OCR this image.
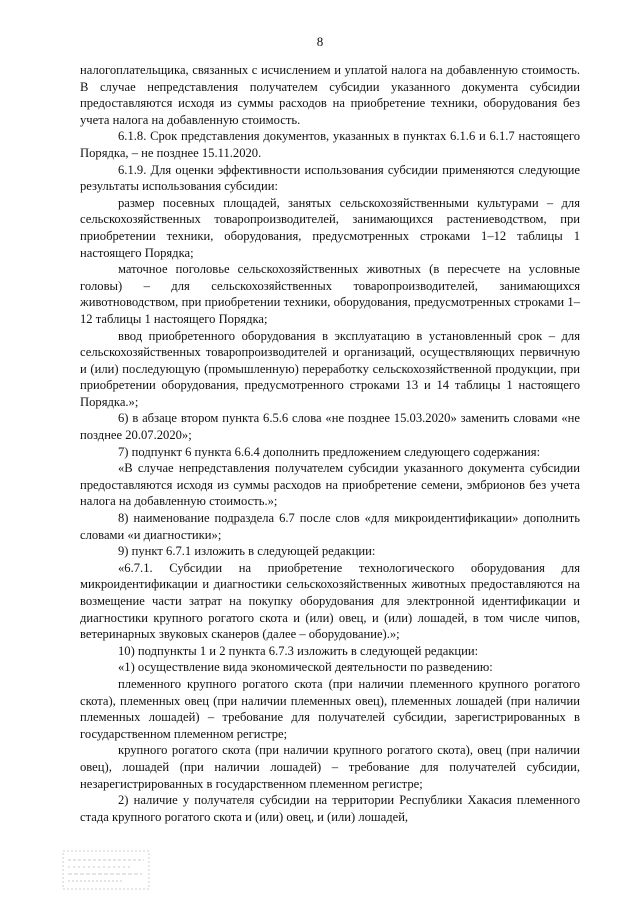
8

налогоплательщика, связанных с исчислением и уплатой налога на добавленную стоимость. В случае непредставления получателем субсидии указанного документа субсидии предоставляются исходя из суммы расходов на приобретение техники, оборудования без учета налога на добавленную стоимость.

6.1.8. Срок представления документов, указанных в пунктах 6.1.6 и 6.1.7 настоящего Порядка, – не позднее 15.11.2020.

6.1.9. Для оценки эффективности использования субсидии применяются следующие результаты использования субсидии:

размер посевных площадей, занятых сельскохозяйственными культурами – для сельскохозяйственных товаропроизводителей, занимающихся растениеводством, при приобретении техники, оборудования, предусмотренных строками 1–12 таблицы 1 настоящего Порядка;

маточное поголовье сельскохозяйственных животных (в пересчете на условные головы) – для сельскохозяйственных товаропроизводителей, занимающихся животноводством, при приобретении техники, оборудования, предусмотренных строками 1–12 таблицы 1 настоящего Порядка;

ввод приобретенного оборудования в эксплуатацию в установленный срок – для сельскохозяйственных товаропроизводителей и организаций, осуществляющих первичную и (или) последующую (промышленную) переработку сельскохозяйственной продукции, при приобретении оборудования, предусмотренного строками 13 и 14 таблицы 1 настоящего Порядка.»;

6) в абзаце втором пункта 6.5.6 слова «не позднее 15.03.2020» заменить словами «не позднее 20.07.2020»;

7) подпункт 6 пункта 6.6.4 дополнить предложением следующего содержания:

«В случае непредставления получателем субсидии указанного документа субсидии предоставляются исходя из суммы расходов на приобретение семени, эмбрионов без учета налога на добавленную стоимость.»;

8) наименование подраздела 6.7 после слов «для микроидентификации» дополнить словами «и диагностики»;

9) пункт 6.7.1 изложить в следующей редакции:

«6.7.1. Субсидии на приобретение технологического оборудования для микроидентификации и диагностики сельскохозяйственных животных предоставляются на возмещение части затрат на покупку оборудования для электронной идентификации и диагностики крупного рогатого скота и (или) овец, и (или) лошадей, в том числе чипов, ветеринарных звуковых сканеров (далее – оборудование).»;

10) подпункты 1 и 2 пункта 6.7.3 изложить в следующей редакции:

«1) осуществление вида экономической деятельности по разведению:

племенного крупного рогатого скота (при наличии племенного крупного рогатого скота), племенных овец (при наличии племенных овец), племенных лошадей (при наличии племенных лошадей) – требование для получателей субсидии, зарегистрированных в государственном племенном регистре;

крупного рогатого скота (при наличии крупного рогатого скота), овец (при наличии овец), лошадей (при наличии лошадей) – требование для получателей субсидии, незарегистрированных в государственном племенном регистре;

2) наличие у получателя субсидии на территории Республики Хакасия племенного стада крупного рогатого скота и (или) овец, и (или) лошадей,
